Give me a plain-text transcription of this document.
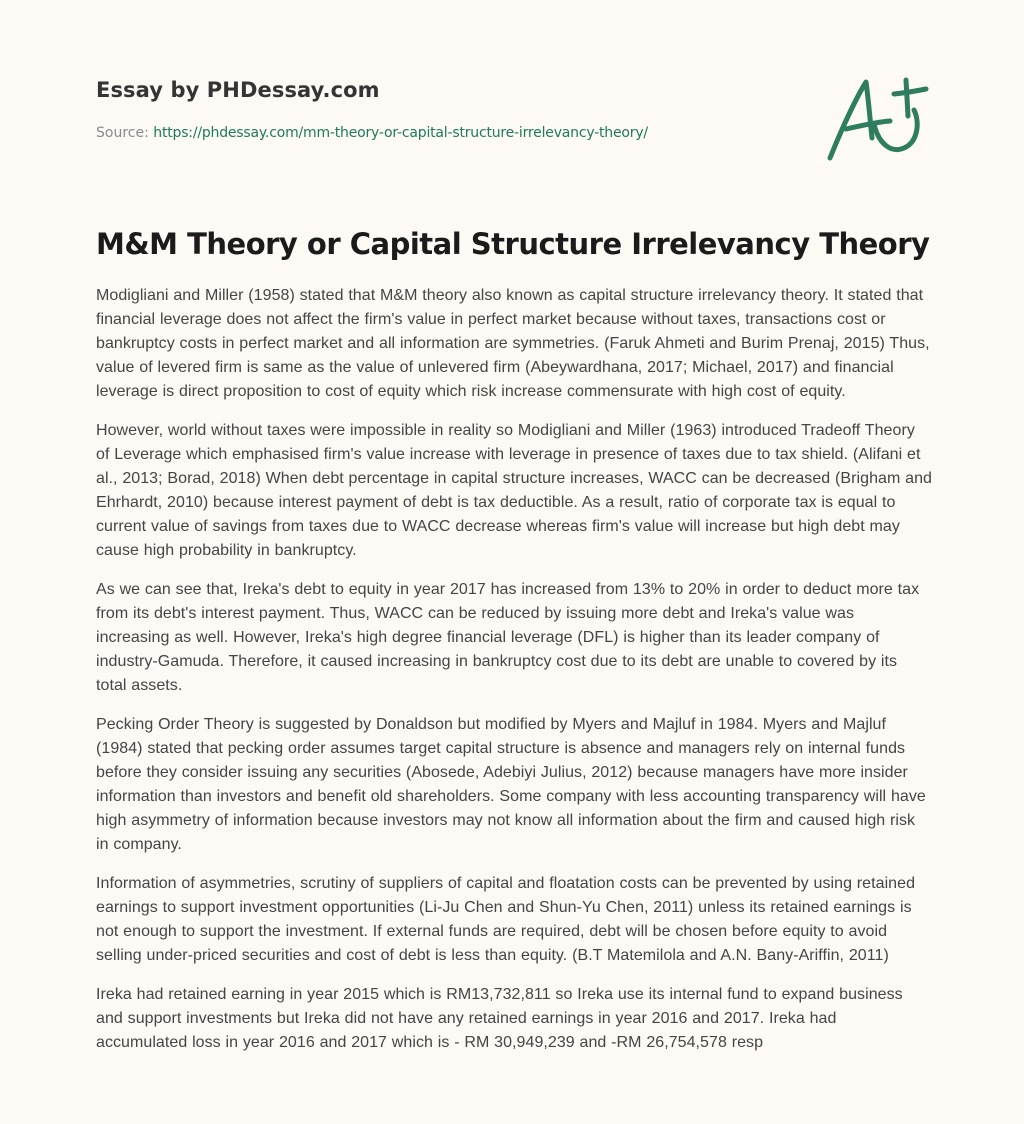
Essay by PHDessay.com
Source: https://phdessay.com/mm-theory-or-capital-structure-irrelevancy-theory/
M&M Theory or Capital Structure Irrelevancy Theory

Modigliani and Miller (1958) stated that M&M theory also known as capital structure irrelevancy theory. It stated that financial leverage does not affect the firm's value in perfect market because without taxes, transactions cost or bankruptcy costs in perfect market and all information are symmetries. (Faruk Ahmeti and Burim Prenaj, 2015) Thus, value of levered firm is same as the value of unlevered firm (Abeywardhana, 2017; Michael, 2017) and financial leverage is direct proposition to cost of equity which risk increase commensurate with high cost of equity.

However, world without taxes were impossible in reality so Modigliani and Miller (1963) introduced Tradeoff Theory of Leverage which emphasised firm's value increase with leverage in presence of taxes due to tax shield. (Alifani et al., 2013; Borad, 2018) When debt percentage in capital structure increases, WACC can be decreased (Brigham and Ehrhardt, 2010) because interest payment of debt is tax deductible. As a result, ratio of corporate tax is equal to current value of savings from taxes due to WACC decrease whereas firm's value will increase but high debt may cause high probability in bankruptcy.

As we can see that, Ireka's debt to equity in year 2017 has increased from 13% to 20% in order to deduct more tax from its debt's interest payment. Thus, WACC can be reduced by issuing more debt and Ireka's value was increasing as well. However, Ireka's high degree financial leverage (DFL) is higher than its leader company of industry-Gamuda. Therefore, it caused increasing in bankruptcy cost due to its debt are unable to covered by its total assets.

Pecking Order Theory is suggested by Donaldson but modified by Myers and Majluf in 1984. Myers and Majluf (1984) stated that pecking order assumes target capital structure is absence and managers rely on internal funds before they consider issuing any securities (Abosede, Adebiyi Julius, 2012) because managers have more insider information than investors and benefit old shareholders. Some company with less accounting transparency will have high asymmetry of information because investors may not know all information about the firm and caused high risk in company.

Information of asymmetries, scrutiny of suppliers of capital and floatation costs can be prevented by using retained earnings to support investment opportunities (Li-Ju Chen and Shun-Yu Chen, 2011) unless its retained earnings is not enough to support the investment. If external funds are required, debt will be chosen before equity to avoid selling under-priced securities and cost of debt is less than equity. (B.T Matemilola and A.N. Bany-Ariffin, 2011)

Ireka had retained earning in year 2015 which is RM13,732,811 so Ireka use its internal fund to expand business and support investments but Ireka did not have any retained earnings in year 2016 and 2017. Ireka had accumulated loss in year 2016 and 2017 which is - RM 30,949,239 and -RM 26,754,578 resp
